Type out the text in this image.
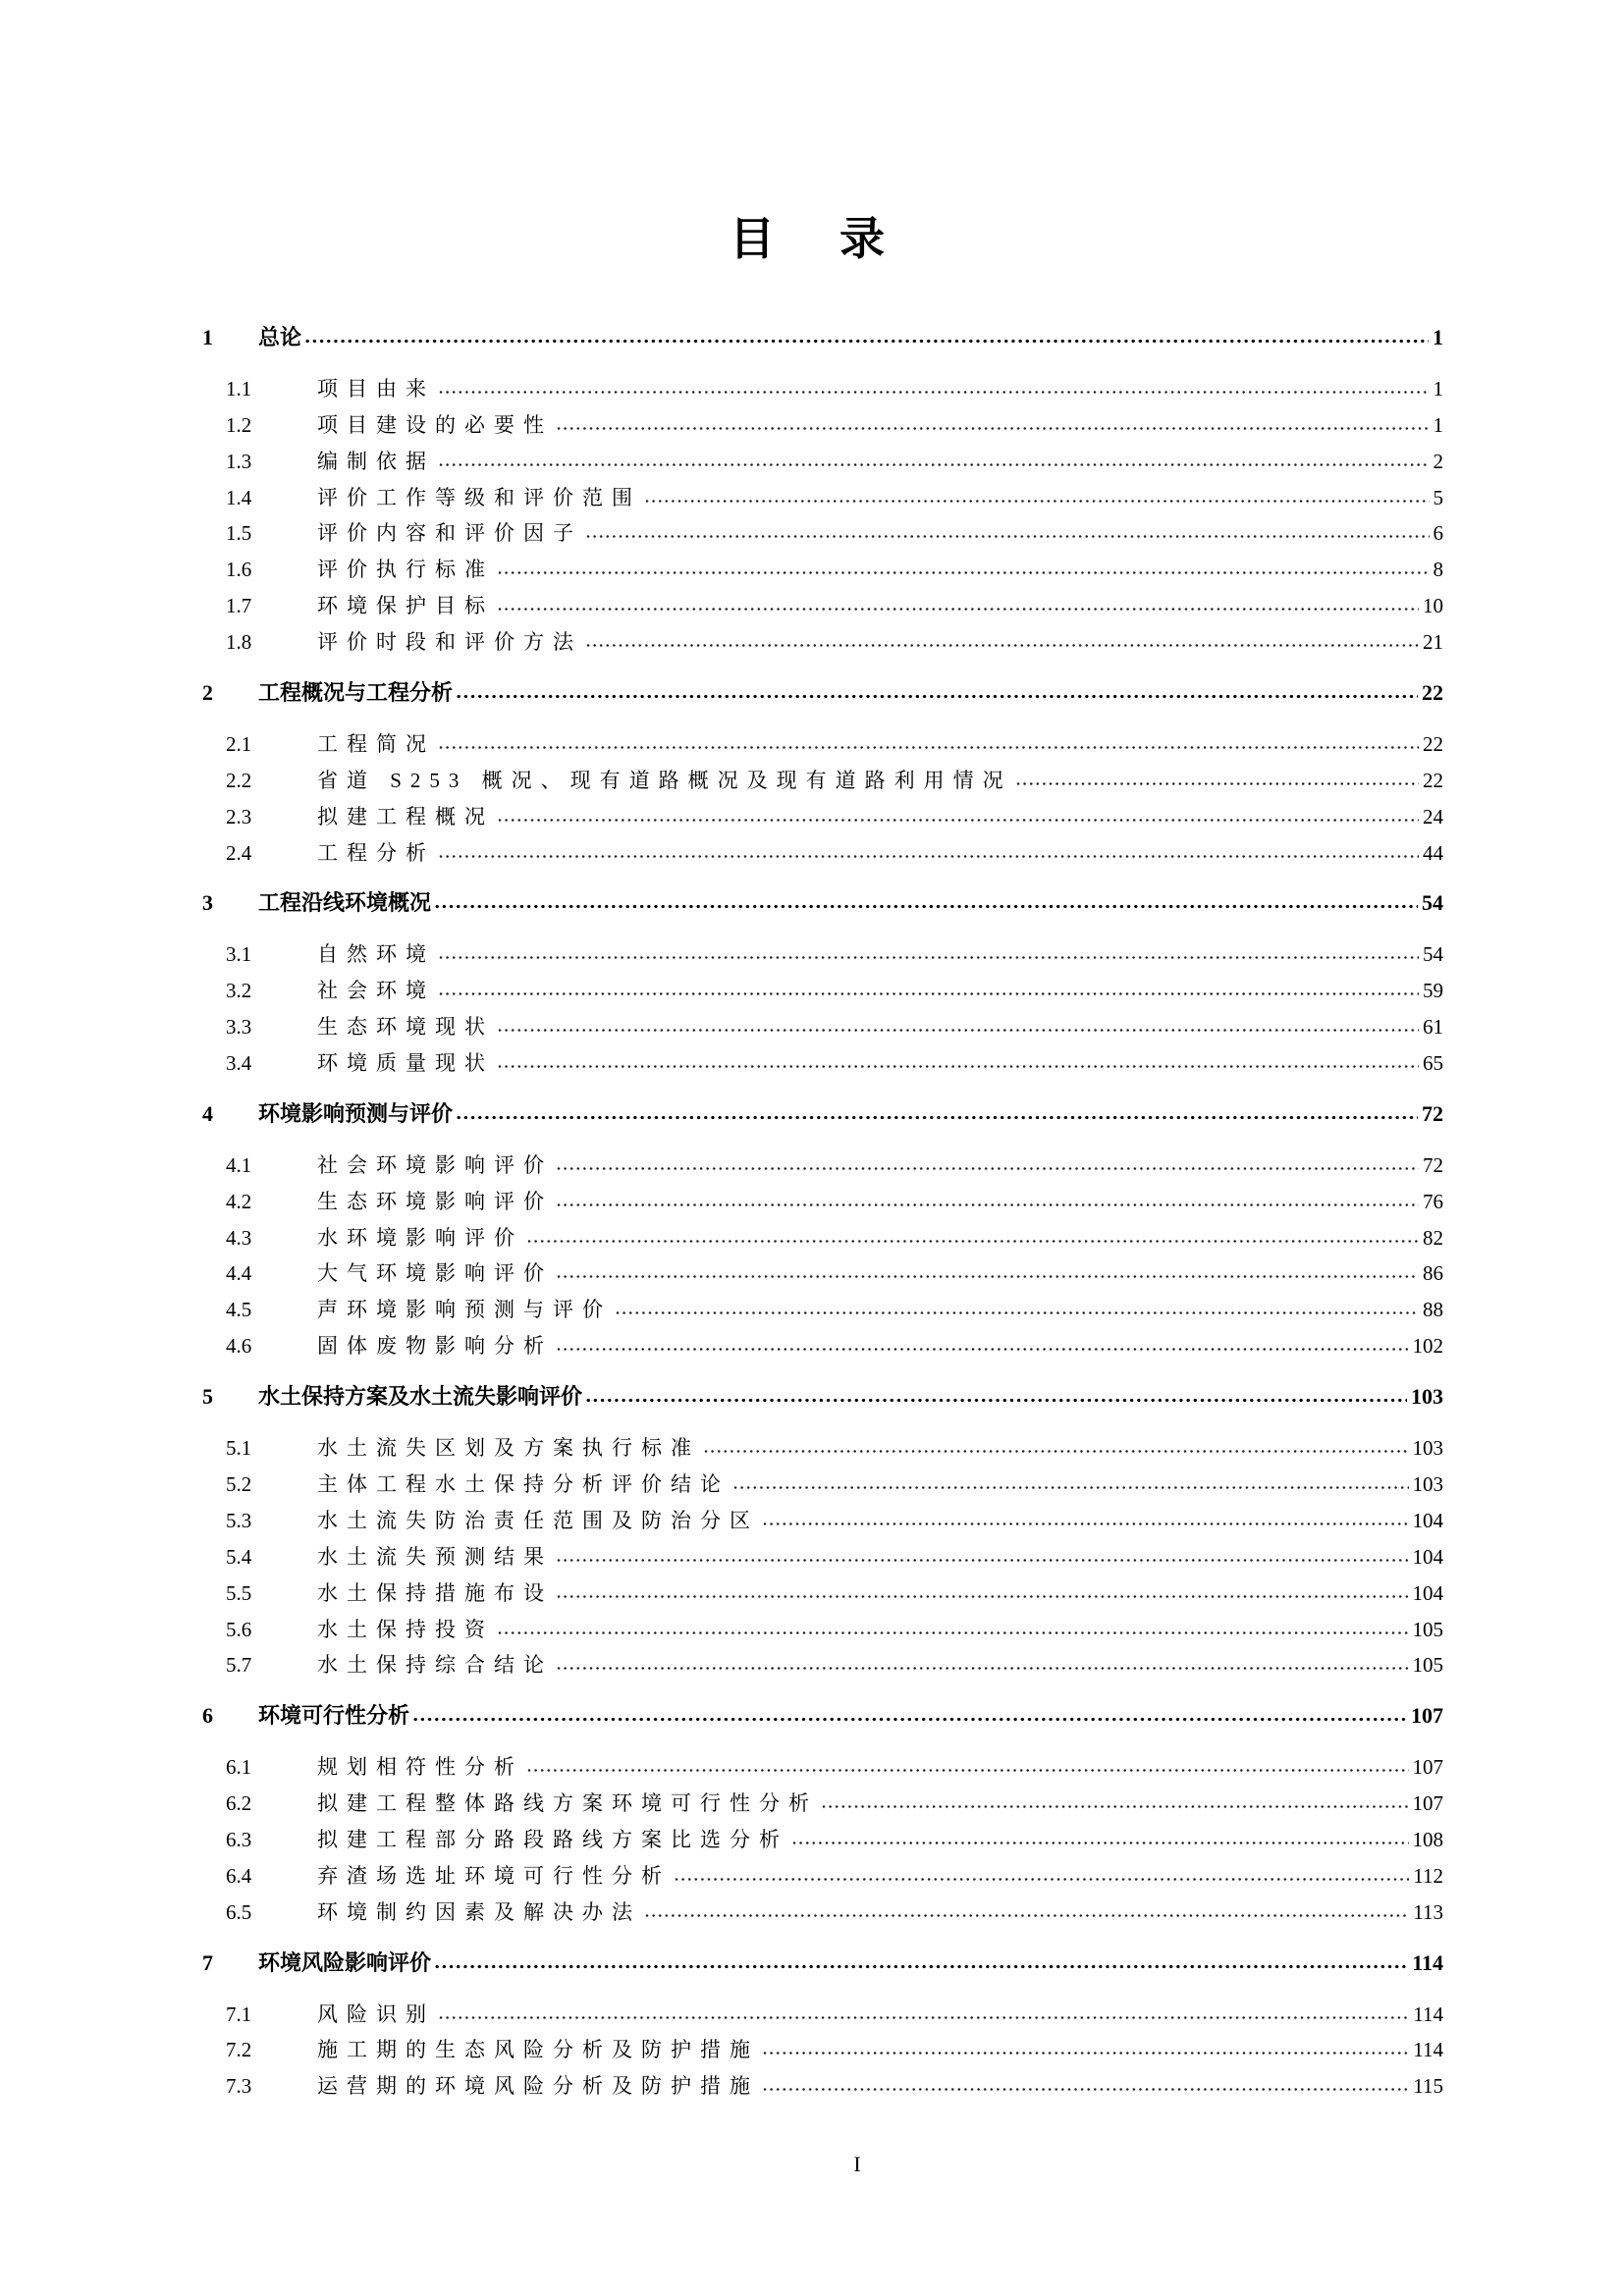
目　录
1	总论	1
1.1	项目由来	1
1.2	项目建设的必要性	1
1.3	编制依据	2
1.4	评价工作等级和评价范围	5
1.5	评价内容和评价因子	6
1.6	评价执行标准	8
1.7	环境保护目标	10
1.8	评价时段和评价方法	21
2	工程概况与工程分析	22
2.1	工程简况	22
2.2	省道 S253 概况、现有道路概况及现有道路利用情况	22
2.3	拟建工程概况	24
2.4	工程分析	44
3	工程沿线环境概况	54
3.1	自然环境	54
3.2	社会环境	59
3.3	生态环境现状	61
3.4	环境质量现状	65
4	环境影响预测与评价	72
4.1	社会环境影响评价	72
4.2	生态环境影响评价	76
4.3	水环境影响评价	82
4.4	大气环境影响评价	86
4.5	声环境影响预测与评价	88
4.6	固体废物影响分析	102
5	水土保持方案及水土流失影响评价	103
5.1	水土流失区划及方案执行标准	103
5.2	主体工程水土保持分析评价结论	103
5.3	水土流失防治责任范围及防治分区	104
5.4	水土流失预测结果	104
5.5	水土保持措施布设	104
5.6	水土保持投资	105
5.7	水土保持综合结论	105
6	环境可行性分析	107
6.1	规划相符性分析	107
6.2	拟建工程整体路线方案环境可行性分析	107
6.3	拟建工程部分路段路线方案比选分析	108
6.4	弃渣场选址环境可行性分析	112
6.5	环境制约因素及解决办法	113
7	环境风险影响评价	114
7.1	风险识别	114
7.2	施工期的生态风险分析及防护措施	114
7.3	运营期的环境风险分析及防护措施	115
I
